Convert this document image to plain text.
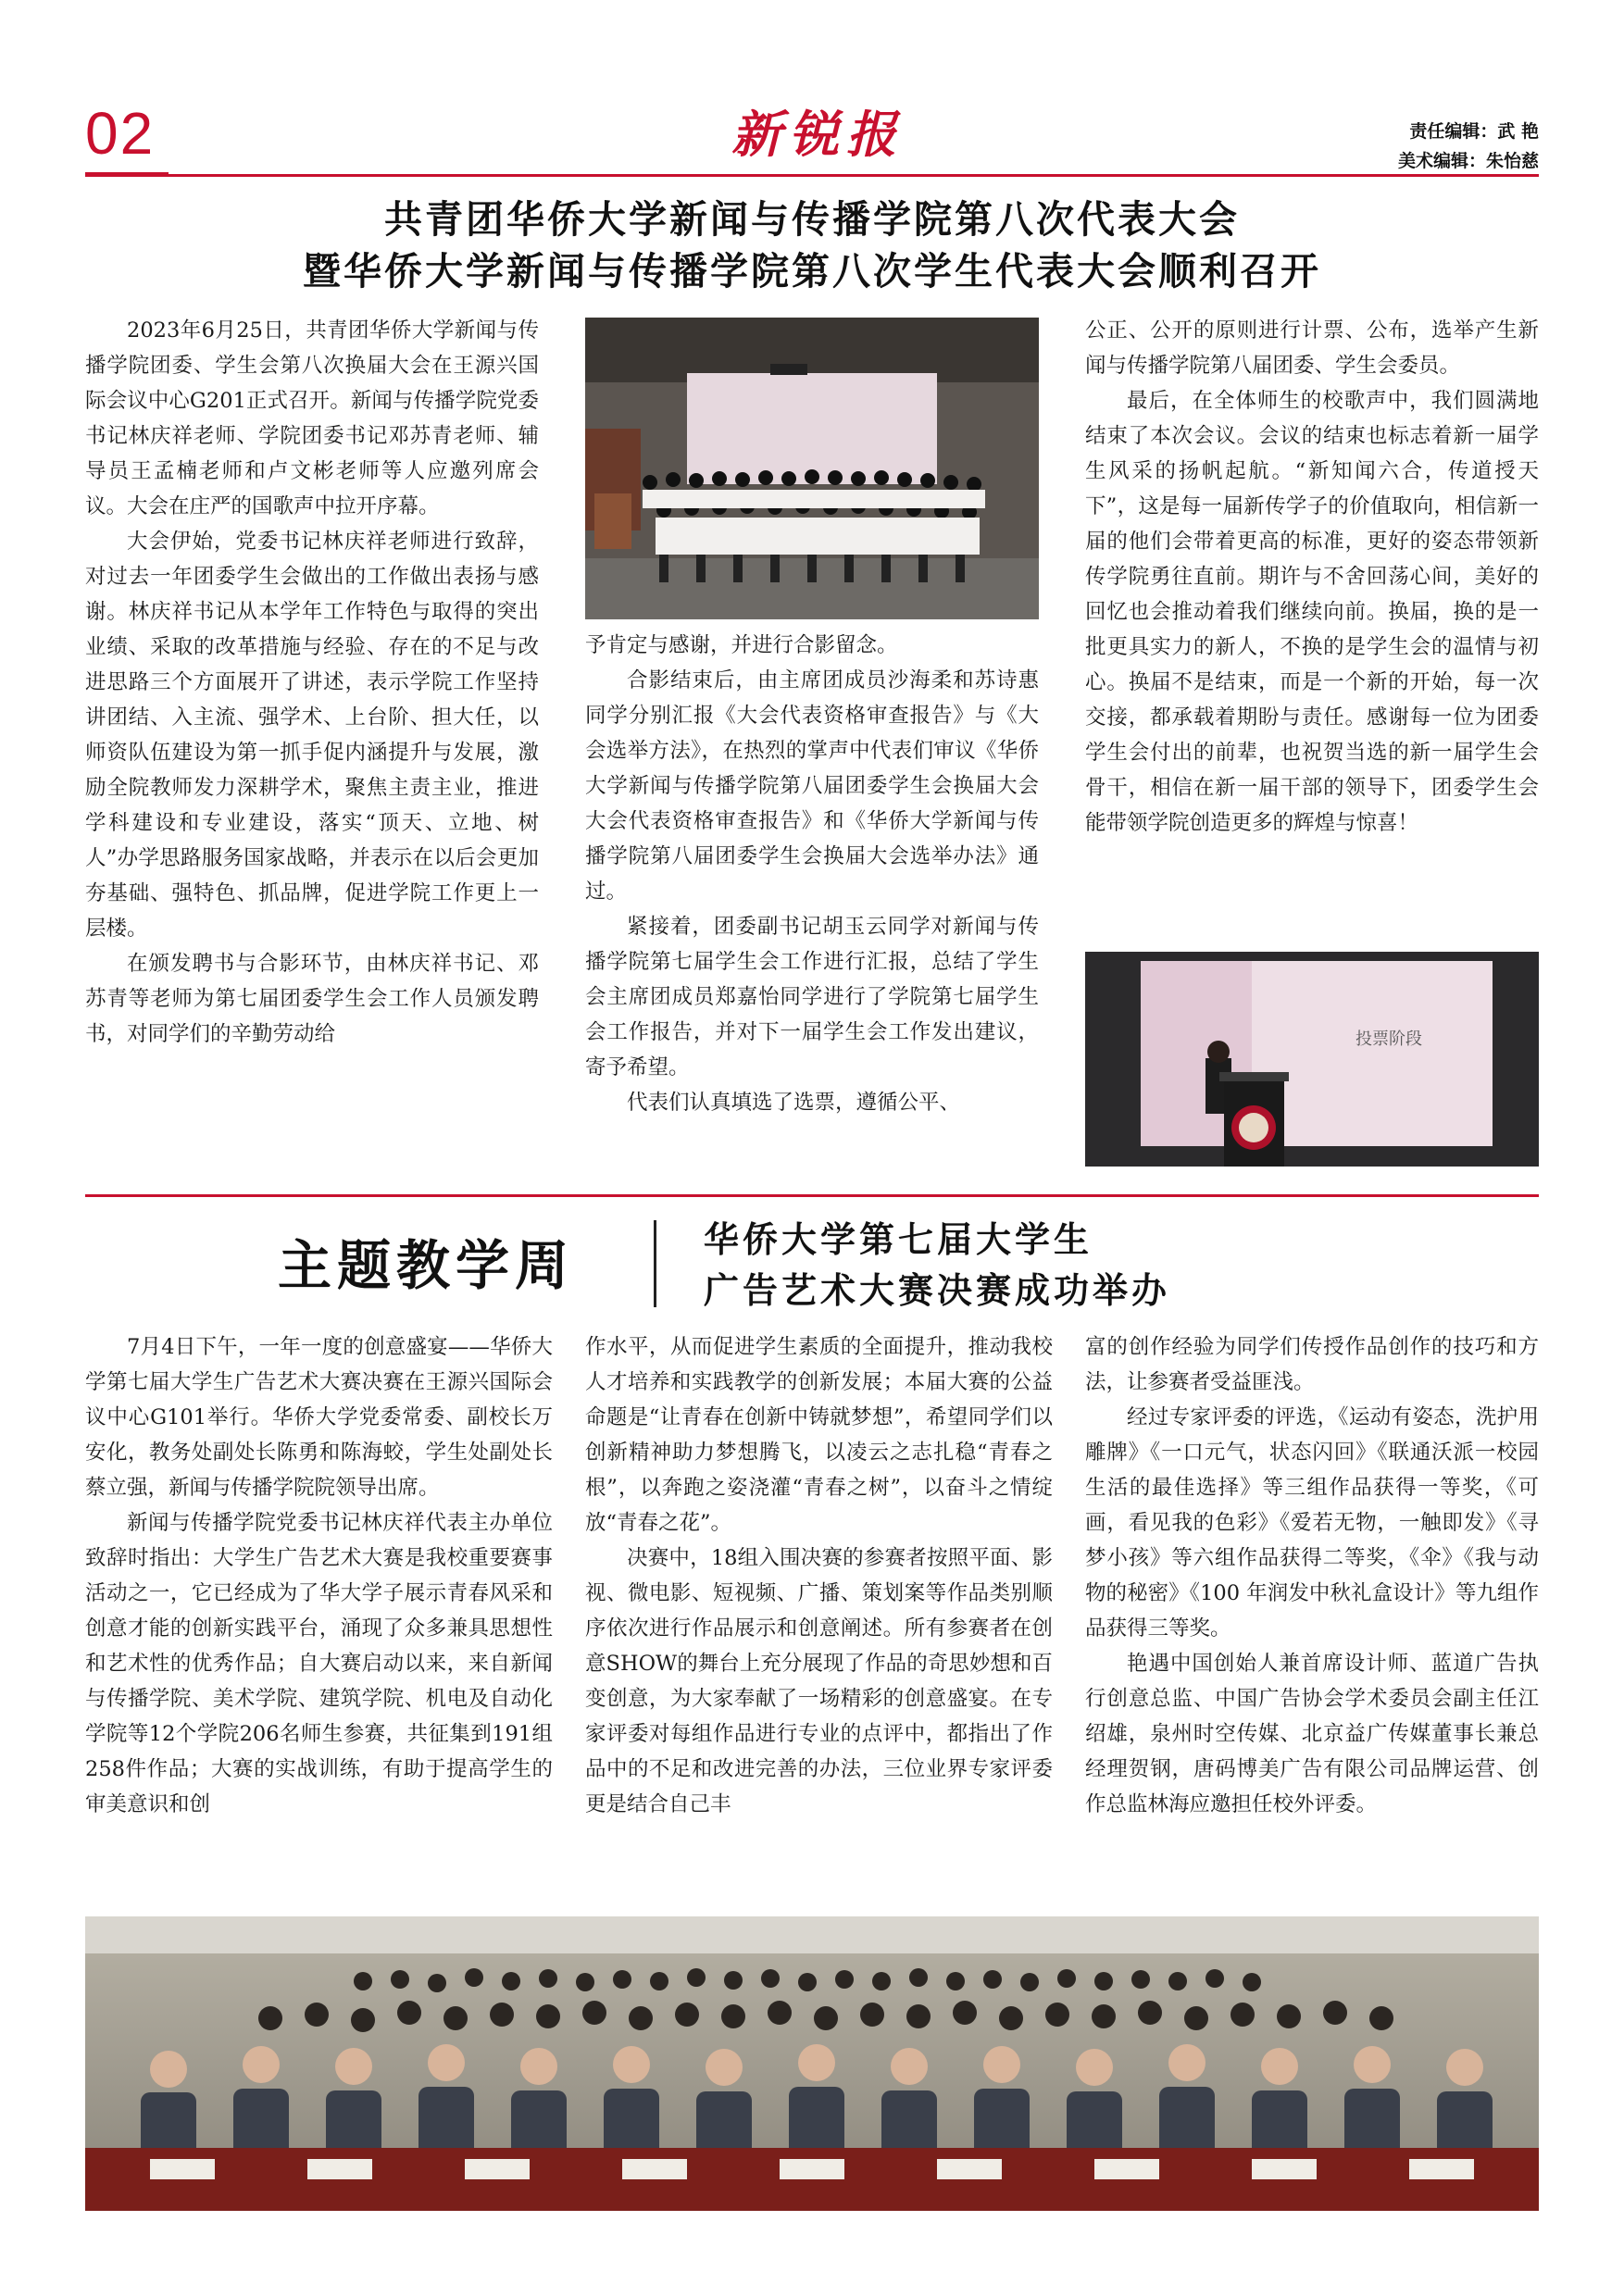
02	新锐报	责任编辑：武 艳
美术编辑：朱怡慈
共青团华侨大学新闻与传播学院第八次代表大会
暨华侨大学新闻与传播学院第八次学生代表大会顺利召开

2023年6月25日，共青团华侨大学新闻与传播学院团委、学生会第八次换届大会在王源兴国际会议中心G201正式召开。新闻与传播学院党委书记林庆祥老师、学院团委书记邓苏青老师、辅导员王孟楠老师和卢文彬老师等人应邀列席会议。大会在庄严的国歌声中拉开序幕。

大会伊始，党委书记林庆祥老师进行致辞，对过去一年团委学生会做出的工作做出表扬与感谢。林庆祥书记从本学年工作特色与取得的突出业绩、采取的改革措施与经验、存在的不足与改进思路三个方面展开了讲述，表示学院工作坚持讲团结、入主流、强学术、上台阶、担大任，以师资队伍建设为第一抓手促内涵提升与发展，激励全院教师发力深耕学术，聚焦主责主业，推进学科建设和专业建设，落实“顶天、立地、树人”办学思路服务国家战略，并表示在以后会更加夯基础、强特色、抓品牌，促进学院工作更上一层楼。

在颁发聘书与合影环节，由林庆祥书记、邓苏青等老师为第七届团委学生会工作人员颁发聘书，对同学们的辛勤劳动给

予肯定与感谢，并进行合影留念。

合影结束后，由主席团成员沙海柔和苏诗惠同学分别汇报《大会代表资格审查报告》与《大会选举方法》，在热烈的掌声中代表们审议《华侨大学新闻与传播学院第八届团委学生会换届大会大会代表资格审查报告》和《华侨大学新闻与传播学院第八届团委学生会换届大会选举办法》通过。

紧接着，团委副书记胡玉云同学对新闻与传播学院第七届学生会工作进行汇报，总结了学生会主席团成员郑嘉怡同学进行了学院第七届学生会工作报告，并对下一届学生会工作发出建议，寄予希望。

代表们认真填选了选票，遵循公平、

公正、公开的原则进行计票、公布，选举产生新闻与传播学院第八届团委、学生会委员。

最后，在全体师生的校歌声中，我们圆满地结束了本次会议。会议的结束也标志着新一届学生风采的扬帆起航。“新知闻六合，传道授天下”，这是每一届新传学子的价值取向，相信新一届的他们会带着更高的标准，更好的姿态带领新传学院勇往直前。期许与不舍回荡心间，美好的回忆也会推动着我们继续向前。换届，换的是一批更具实力的新人，不换的是学生会的温情与初心。换届不是结束，而是一个新的开始，每一次交接，都承载着期盼与责任。感谢每一位为团委学生会付出的前辈，也祝贺当选的新一届学生会骨干，相信在新一届干部的领导下，团委学生会能带领学院创造更多的辉煌与惊喜！

投票阶段
主题教学周	华侨大学第七届大学生
广告艺术大赛决赛成功举办

7月4日下午，一年一度的创意盛宴——华侨大学第七届大学生广告艺术大赛决赛在王源兴国际会议中心G101举行。华侨大学党委常委、副校长万安化，教务处副处长陈勇和陈海蛟，学生处副处长蔡立强，新闻与传播学院院领导出席。

新闻与传播学院党委书记林庆祥代表主办单位致辞时指出：大学生广告艺术大赛是我校重要赛事活动之一，它已经成为了华大学子展示青春风采和创意才能的创新实践平台，涌现了众多兼具思想性和艺术性的优秀作品；自大赛启动以来，来自新闻与传播学院、美术学院、建筑学院、机电及自动化学院等12个学院206名师生参赛，共征集到191组258件作品；大赛的实战训练，有助于提高学生的审美意识和创

作水平，从而促进学生素质的全面提升，推动我校人才培养和实践教学的创新发展；本届大赛的公益命题是“让青春在创新中铸就梦想”，希望同学们以创新精神助力梦想腾飞，以凌云之志扎稳“青春之根”，以奔跑之姿浇灌“青春之树”，以奋斗之情绽放“青春之花”。

决赛中，18组入围决赛的参赛者按照平面、影视、微电影、短视频、广播、策划案等作品类别顺序依次进行作品展示和创意阐述。所有参赛者在创意SHOW的舞台上充分展现了作品的奇思妙想和百变创意，为大家奉献了一场精彩的创意盛宴。在专家评委对每组作品进行专业的点评中，都指出了作品中的不足和改进完善的办法，三位业界专家评委更是结合自己丰

富的创作经验为同学们传授作品创作的技巧和方法，让参赛者受益匪浅。

经过专家评委的评选，《运动有姿态，洗护用雕牌》《一口元气，状态闪回》《联通沃派一校园生活的最佳选择》等三组作品获得一等奖，《可画，看见我的色彩》《爱若无物，一触即发》《寻梦小孩》等六组作品获得二等奖，《伞》《我与动物的秘密》《100 年润发中秋礼盒设计》等九组作品获得三等奖。

艳遇中国创始人兼首席设计师、蓝道广告执行创意总监、中国广告协会学术委员会副主任江绍雄，泉州时空传媒、北京益广传媒董事长兼总经理贺钢，唐码博美广告有限公司品牌运营、创作总监林海应邀担任校外评委。
